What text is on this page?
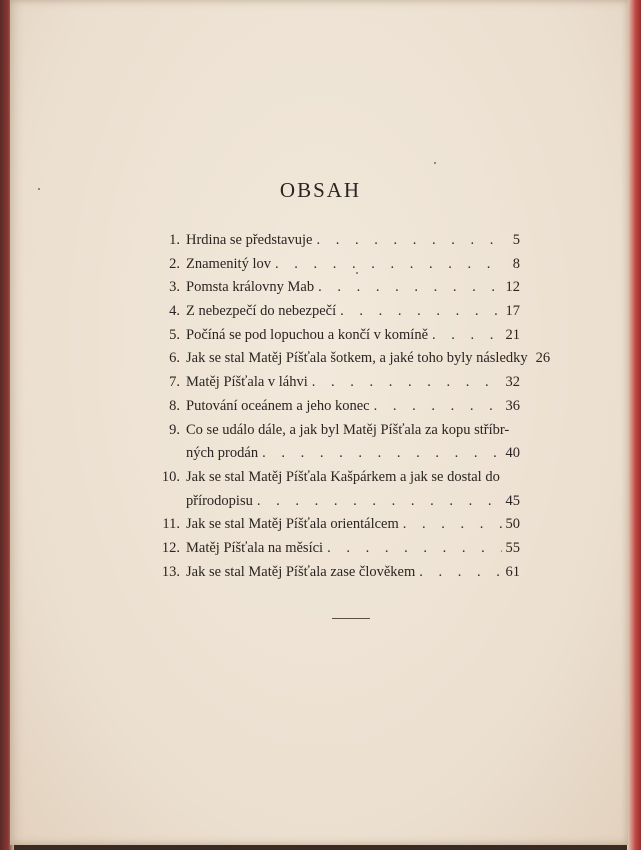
OBSAH
1. Hrdina se představuje . . .	5
2. Znamenitý lov . . .	8
3. Pomsta královny Mab . . .	12
4. Z nebezpečí do nebezpečí . . .	17
5. Počíná se pod lopuchou a končí v komíně . . .	21
6. Jak se stal Matěj Píšťala šotkem, a jaké toho byly následky 26
7. Matěj Píšťala v láhvi . . .	32
8. Putování oceánem a jeho konec . . .	36
9. Co se událo dále, a jak byl Matěj Píšťala za kopu stříbr-
ných prodán . . .	40
10. Jak se stal Matěj Píšťala Kašpárkem a jak se dostal do
přírodopisu . . .	45
11. Jak se stal Matěj Píšťala orientálcem . . .	50
12. Matěj Píšťala na měsíci . . .	55
13. Jak se stal Matěj Píšťala zase člověkem . . .	61
